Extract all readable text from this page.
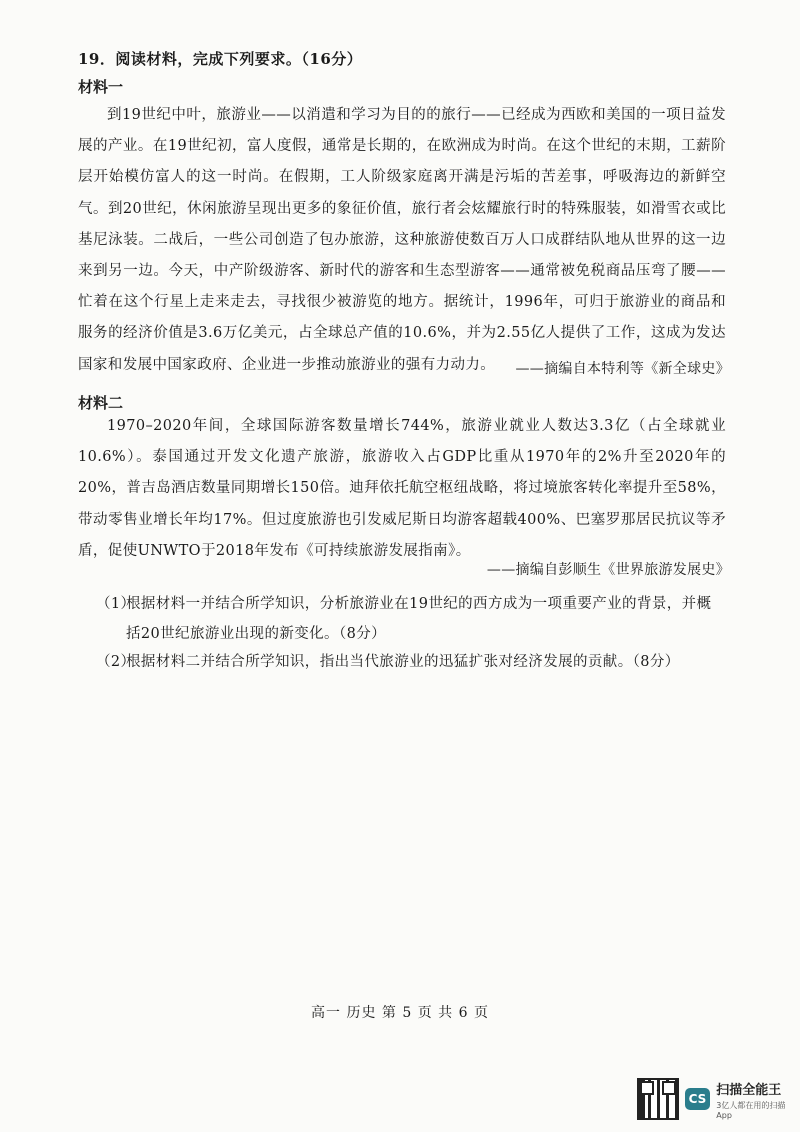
19．阅读材料，完成下列要求。（16分）
材料一
到19世纪中叶，旅游业——以消遣和学习为目的的旅行——已经成为西欧和美国的一项日益发展的产业。在19世纪初，富人度假，通常是长期的，在欧洲成为时尚。在这个世纪的末期，工薪阶层开始模仿富人的这一时尚。在假期，工人阶级家庭离开满是污垢的苦差事，呼吸海边的新鲜空气。到20世纪，休闲旅游呈现出更多的象征价值，旅行者会炫耀旅行时的特殊服装，如滑雪衣或比基尼泳装。二战后，一些公司创造了包办旅游，这种旅游使数百万人口成群结队地从世界的这一边来到另一边。今天，中产阶级游客、新时代的游客和生态型游客——通常被免税商品压弯了腰——忙着在这个行星上走来走去，寻找很少被游览的地方。据统计，1996年，可归于旅游业的商品和服务的经济价值是3.6万亿美元，占全球总产值的10.6%，并为2.55亿人提供了工作，这成为发达国家和发展中国家政府、企业进一步推动旅游业的强有力动力。	——摘编自本特利等《新全球史》
材料二
1970–2020年间，全球国际游客数量增长744%，旅游业就业人数达3.3亿（占全球就业10.6%）。泰国通过开发文化遗产旅游，旅游收入占GDP比重从1970年的2%升至2020年的20%，普吉岛酒店数量同期增长150倍。迪拜依托航空枢纽战略，将过境旅客转化率提升至58%，带动零售业增长年均17%。但过度旅游也引发威尼斯日均游客超载400%、巴塞罗那居民抗议等矛盾，促使UNWTO于2018年发布《可持续旅游发展指南》。
——摘编自彭顺生《世界旅游发展史》
（1）根据材料一并结合所学知识，分析旅游业在19世纪的西方成为一项重要产业的背景，并概
括20世纪旅游业出现的新变化。（8分）
（2）根据材料二并结合所学知识，指出当代旅游业的迅猛扩张对经济发展的贡献。（8分）
高一 历史 第 5 页 共 6 页
CS
扫描全能王
3亿人都在用的扫描App
